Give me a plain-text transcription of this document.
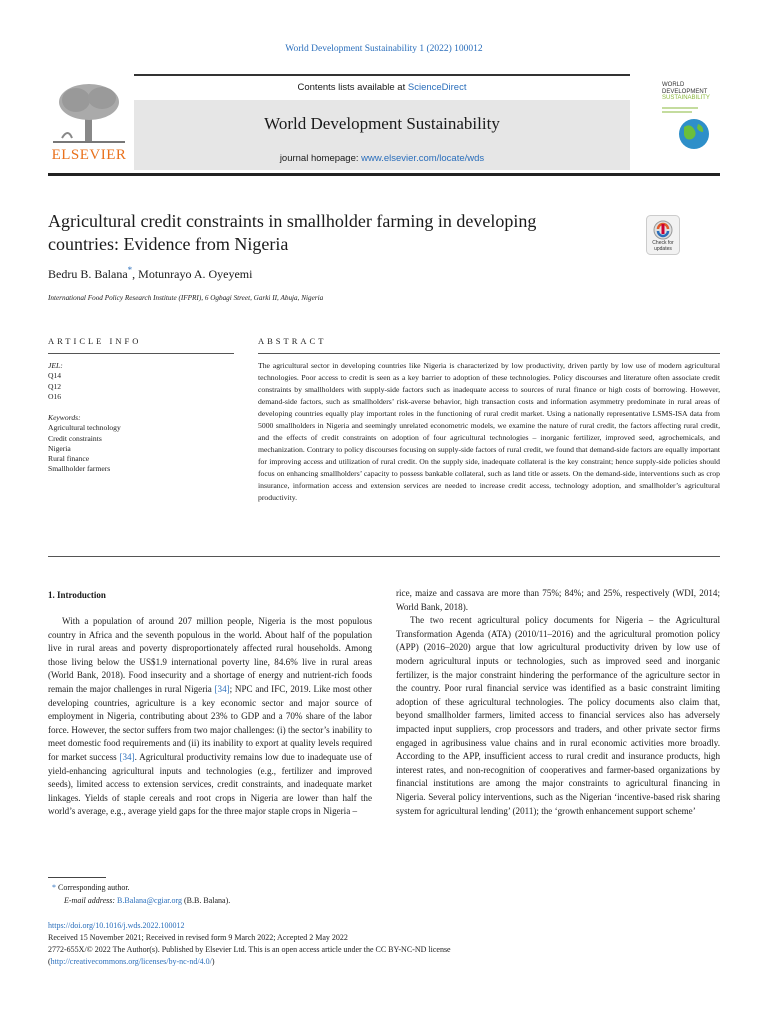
World Development Sustainability 1 (2022) 100012
ELSEVIER
Contents lists available at ScienceDirect
World Development Sustainability
journal homepage: www.elsevier.com/locate/wds
WORLD
DEVELOPMENT
SUSTAINABILITY
Agricultural credit constraints in smallholder farming in developing countries: Evidence from Nigeria	Check for updates
Bedru B. Balana*, Motunrayo A. Oyeyemi
International Food Policy Research Institute (IFPRI), 6 Ogbagi Street, Garki II, Abuja, Nigeria
ARTICLE INFO	ABSTRACT
JEL:
Q14
Q12
O16
Keywords:
Agricultural technology
Credit constraints
Nigeria
Rural finance
Smallholder farmers
The agricultural sector in developing countries like Nigeria is characterized by low productivity, driven partly by low use of modern agricultural technologies. Poor access to credit is seen as a key barrier to adoption of these technologies. Policy discourses and literature often associate credit constraints by smallholders with supply-side factors such as inadequate access to sources of rural finance or high costs of borrowing. However, demand-side factors, such as smallholders’ risk-averse behavior, high transaction costs and information asymmetry predominate in rural areas of developing countries equally play important roles in the functioning of rural credit market. Using a nationally representative LSMS-ISA data from 5000 smallholders in Nigeria and seemingly unrelated econometric models, we examine the nature of rural credit, the factors affecting rural credit, and the effects of credit constraints on adoption of four agricultural technologies – inorganic fertilizer, improved seed, agrochemicals, and mechanization. Contrary to policy discourses focusing on supply-side factors of rural credit, we found that demand-side factors are equally important for improving access and utilization of rural credit. On the supply side, inadequate collateral is the key constraint; hence supply-side policies should focus on enhancing smallholders’ capacity to possess bankable collateral, such as land title or assets. On the demand-side, interventions such as crop insurance, information access and extension services are needed to increase credit access, technology adoption, and smallholder’s agricultural productivity.
1. Introduction

With a population of around 207 million people, Nigeria is the most populous country in Africa and the seventh populous in the world. About half of the population live in rural areas and poverty disproportionately affected rural households. Among those living below the US$1.9 international poverty line, 84.6% live in rural areas (World Bank, 2018). Food insecurity and a shortage of energy and nutrient-rich foods remain the major challenges in rural Nigeria [34]; NPC and IFC, 2019. Like most other developing countries, agriculture is a key economic sector and major source of employment in Nigeria, contributing about 23% to GDP and a 70% share of the labor force. However, the sector suffers from two major challenges: (i) the sector’s inability to meet domestic food requirements and (ii) its inability to export at quality levels required for market success [34]. Agricultural productivity remains low due to inadequate use of yield-enhancing agricultural inputs and technologies (e.g., fertilizer and improved seeds), limited access to extension services, credit constraints, and inadequate market linkages. Yields of staple cereals and root crops in Nigeria are lower than half the world’s average, e.g., average yield gaps for the three major staple crops in Nigeria –

rice, maize and cassava are more than 75%; 84%; and 25%, respectively (WDI, 2014; World Bank, 2018).

The two recent agricultural policy documents for Nigeria – the Agricultural Transformation Agenda (ATA) (2010/11–2016) and the agricultural promotion policy (APP) (2016–2020) argue that low agricultural productivity driven by low use of modern agricultural inputs or technologies, such as improved seed and inorganic fertilizer, is the major constraint hindering the performance of the agriculture sector in the country. Poor rural financial service was identified as a basic constraint limiting adoption of these agricultural technologies. The policy documents also claim that, beyond smallholder farmers, limited access to financial services also has adversely impacted input suppliers, crop processors and traders, and other private sector firms engaged in agribusiness value chains and in rural economic activities more broadly. According to the APP, insufficient access to rural credit and insurance products, high interest rates, and non-recognition of cooperatives and farmer-based organizations by financial institutions are among the major constraints to agricultural financing in Nigeria. Several policy interventions, such as the Nigerian ‘incentive-based risk sharing system for agricultural lending’ (2011); the ‘growth enhancement support scheme’

* Corresponding author.
E-mail address: B.Balana@cgiar.org (B.B. Balana).
https://doi.org/10.1016/j.wds.2022.100012
Received 15 November 2021; Received in revised form 9 March 2022; Accepted 2 May 2022
2772-655X/© 2022 The Author(s). Published by Elsevier Ltd. This is an open access article under the CC BY-NC-ND license
(http://creativecommons.org/licenses/by-nc-nd/4.0/)
